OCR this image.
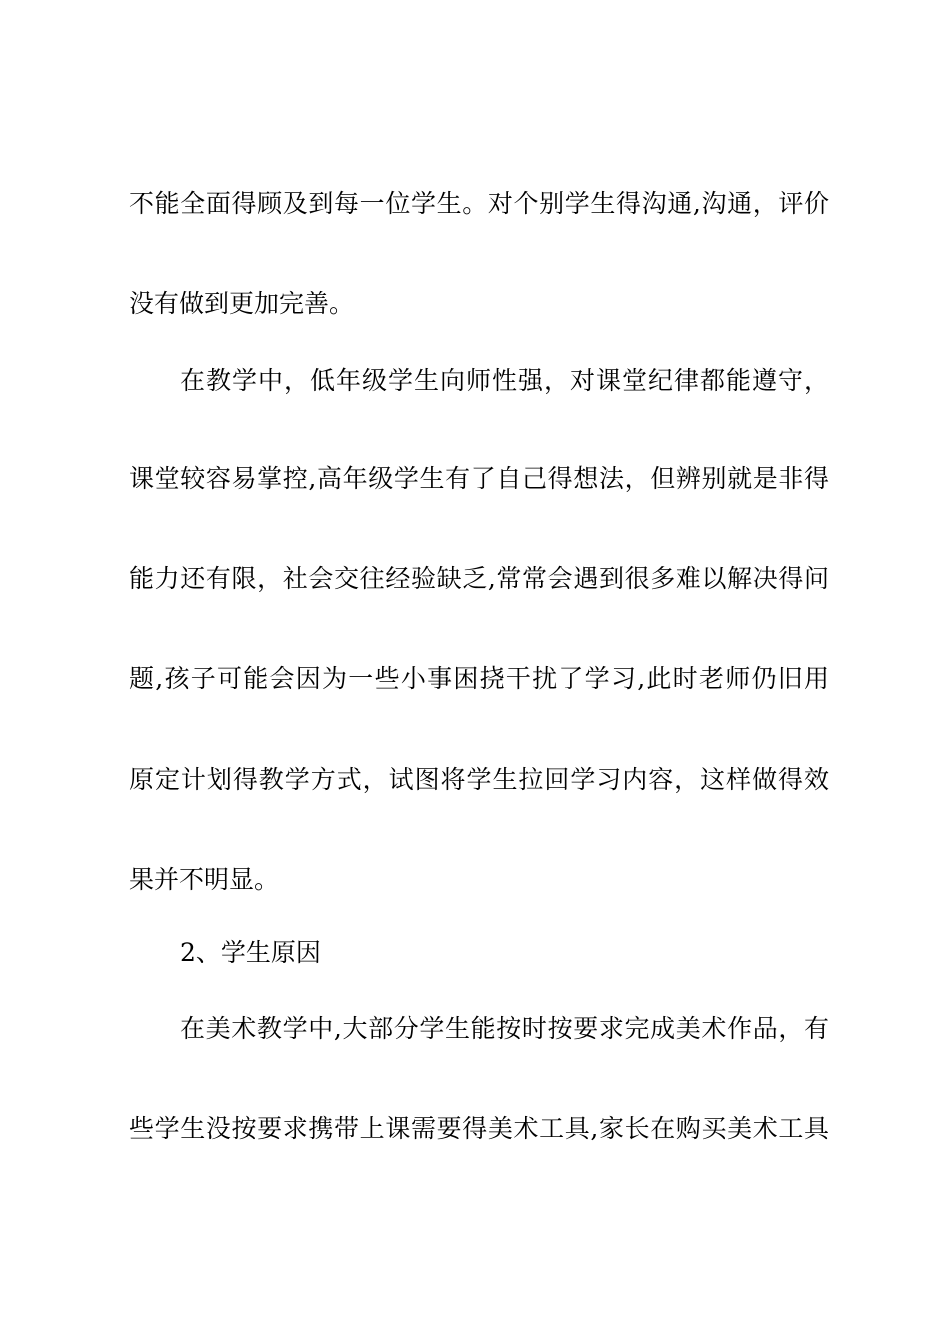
不能全面得顾及到每一位学生。对个别学生得沟通,沟通，评价
没有做到更加完善。
在教学中，低年级学生向师性强，对课堂纪律都能遵守，
课堂较容易掌控,高年级学生有了自己得想法，但辨别就是非得
能力还有限，社会交往经验缺乏,常常会遇到很多难以解决得问
题,孩子可能会因为一些小事困挠干扰了学习,此时老师仍旧用
原定计划得教学方式，试图将学生拉回学习内容，这样做得效
果并不明显。
2、学生原因
在美术教学中,大部分学生能按时按要求完成美术作品，有
些学生没按要求携带上课需要得美术工具,家长在购买美术工具
